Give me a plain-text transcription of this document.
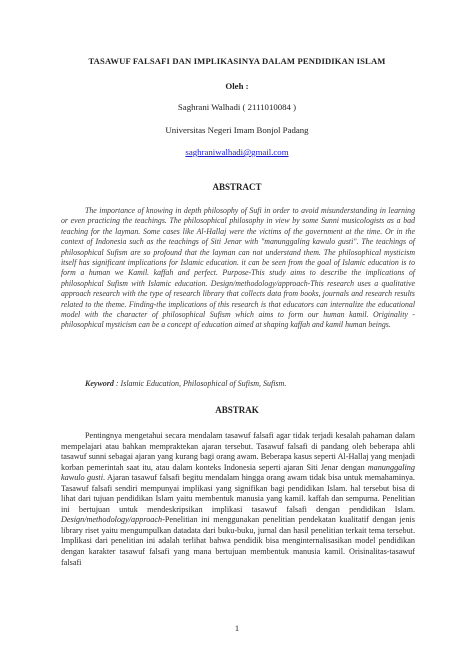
TASAWUF FALSAFI DAN IMPLIKASINYA DALAM PENDIDIKAN ISLAM
Oleh :
Saghrani Walhadi ( 2111010084 )
Universitas Negeri Imam Bonjol Padang
saghraniwalhadi@gmail.com
ABSTRACT
The importance of knowing in depth philosophy of Sufi in order to avoid misunderstanding in learning or even practicing the teachings. The philosophical philosophy in view by some Sunni musicologists as a bad teaching for the layman. Some cases like Al-Hallaj were the victims of the government at the time. Or in the context of Indonesia such as the teachings of Siti Jenar with "manunggaling kawulo gusti". The teachings of philosophical Sufism are so profound that the layman can not understand them. The philosophical mysticism itself has significant implications for Islamic education. it can be seen from the goal of Islamic education is to form a human we Kamil. kaffah and perfect. Purpose-This study aims to describe the implications of philosophical Sufism with Islamic education. Design/methodology/approach-This research uses a qualitative approach research with the type of research library that collects data from books, journals and research results related to the theme. Finding-the implications of this research is that educators can internalize the educational model with the character of philosophical Sufism which aims to form our human kamil. Originality - philosophical mysticism can be a concept of education aimed at shaping kaffah and kamil human beings.
Keyword : Islamic Education, Philosophical of Sufism, Sufism.
ABSTRAK
Pentingnya mengetahui secara mendalam tasawuf falsafi agar tidak terjadi kesalah pahaman dalam mempelajari atau bahkan mempraktekan ajaran tersebut. Tasawuf falsafi di pandang oleh beberapa ahli tasawuf sunni sebagai ajaran yang kurang bagi orang awam. Beberapa kasus seperti Al-Hallaj yang menjadi korban pemerintah saat itu, atau dalam konteks Indonesia seperti ajaran Siti Jenar dengan manunggaling kawulo gusti. Ajaran tasawuf falsafi begitu mendalam hingga orang awam tidak bisa untuk memahaminya. Tasawuf falsafi sendiri mempunyai implikasi yang signifikan bagi pendidikan Islam. hal tersebut bisa di lihat dari tujuan pendidikan Islam yaitu membentuk manusia yang kamil. kaffah dan sempurna. Penelitian ini bertujuan untuk mendeskripsikan implikasi tasawuf falsafi dengan pendidikan Islam. Design/methodology/approach-Penelitian ini menggunakan penelitian pendekatan kualitatif dengan jenis library riset yaitu mengumpulkan datadata dari buku-buku, jurnal dan hasil penelitian terkait tema tersebut. Implikasi dari penelitian ini adalah terlihat bahwa pendidik bisa menginternalisasikan model pendidikan dengan karakter tasawuf falsafi yang mana bertujuan membentuk manusia kamil. Orisinalitas-tasawuf falsafi
1
